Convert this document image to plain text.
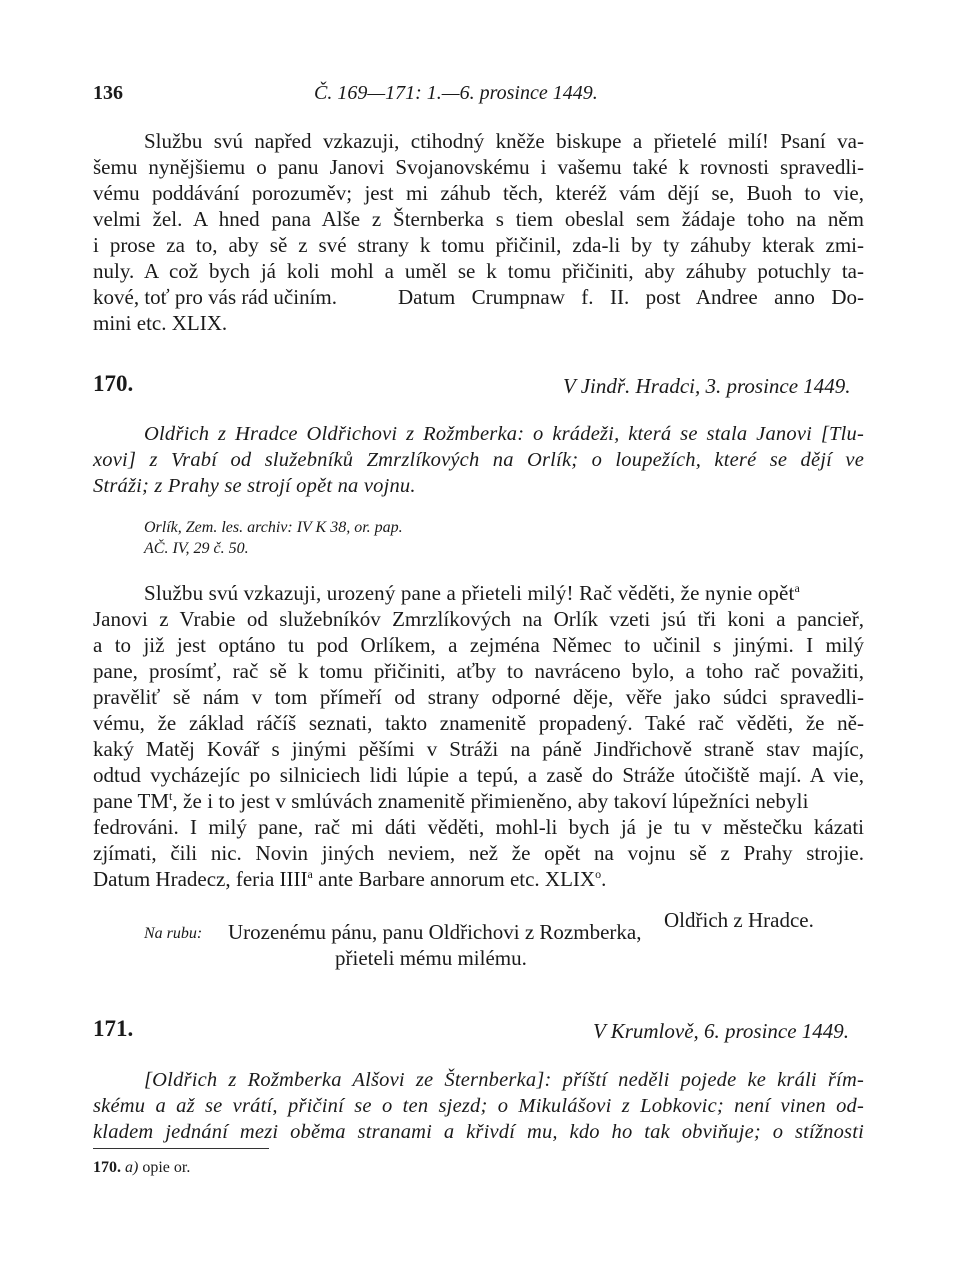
136	Č. 169—171: 1.—6. prosince 1449.
Službu svú napřed vzkazuji, ctihodný kněže biskupe a přietelé milí! Psaní va-
šemu nynějšiemu o panu Janovi Svojanovskému i vašemu také k rovnosti spravedli-
vému poddávání porozuměv; jest mi záhub těch, kteréž vám dějí se, Buoh to vie,
velmi žel. A hned pana Alše z Šternberka s tiem obeslal sem žádaje toho na něm
i prose za to, aby sě z své strany k tomu přičinil, zda-li by ty záhuby kterak zmi-
nuly. A což bych já koli mohl a uměl se k tomu přičiniti, aby záhuby potuchly ta-
kové, toť pro vás rád učiním.	Datum Crumpnaw f. II. post Andree anno Do-
mini etc. XLIX.
170.	V Jindř. Hradci, 3. prosince 1449.
Oldřich z Hradce Oldřichovi z Rožmberka: o krádeži, která se stala Janovi [Tlu-
xovi] z Vrabí od služebníků Zmrzlíkových na Orlík; o loupežích, které se dějí ve
Stráži; z Prahy se strojí opět na vojnu.
Orlík, Zem. les. archiv: IV K 38, or. pap.
AČ. IV, 29 č. 50.
Službu svú vzkazuji, urozený pane a přieteli milý! Rač věděti, že nynie opět$^a$
Janovi z Vrabie od služebníkóv Zmrzlíkových na Orlík vzeti jsú tři koni a pancieř,
a to již jest optáno tu pod Orlíkem, a zejména Němec to učinil s jinými. I milý
pane, prosímť, rač sě k tomu přičiniti, aťby to navráceno bylo, a toho rač považiti,
pravěliť sě nám v tom přímeří od strany odporné děje, věře jako súdci spravedli-
vému, že základ ráčíš seznati, takto znamenitě propadený. Také rač věděti, že ně-
kaký Matěj Kovář s jinými pěšími v Stráži na páně Jindřichově straně stav majíc,
odtud vycházejíc po silniciech lidi lúpie a tepú, a zasě do Stráže útočiště mají. A vie,
pane $TM^t$, že i to jest v smlúvách znamenitě přimieněno, aby takoví lúpežníci nebyli
fedrováni. I milý pane, rač mi dáti věděti, mohl-li bych já je tu v městečku kázati
zjímati, čili nic. Novin jiných neviem, než že opět na vojnu sě z Prahy strojie.
Datum Hradecz, feria IIII$^a$ ante Barbare annorum etc. XLIX$^o$.
Oldřich z Hradce.
Na rubu: Urozenému pánu, panu Oldřichovi z Rozmberka,
přieteli mému milému.
171.	V Krumlově, 6. prosince 1449.
[Oldřich z Rožmberka Alšovi ze Šternberka]: příští neděli pojede ke králi řím-
skému a až se vrátí, přičiní se o ten sjezd; o Mikulášovi z Lobkovic; není vinen od-
kladem jednání mezi oběma stranami a křivdí mu, kdo ho tak obviňuje; o stížnosti
170. a) opie or.
